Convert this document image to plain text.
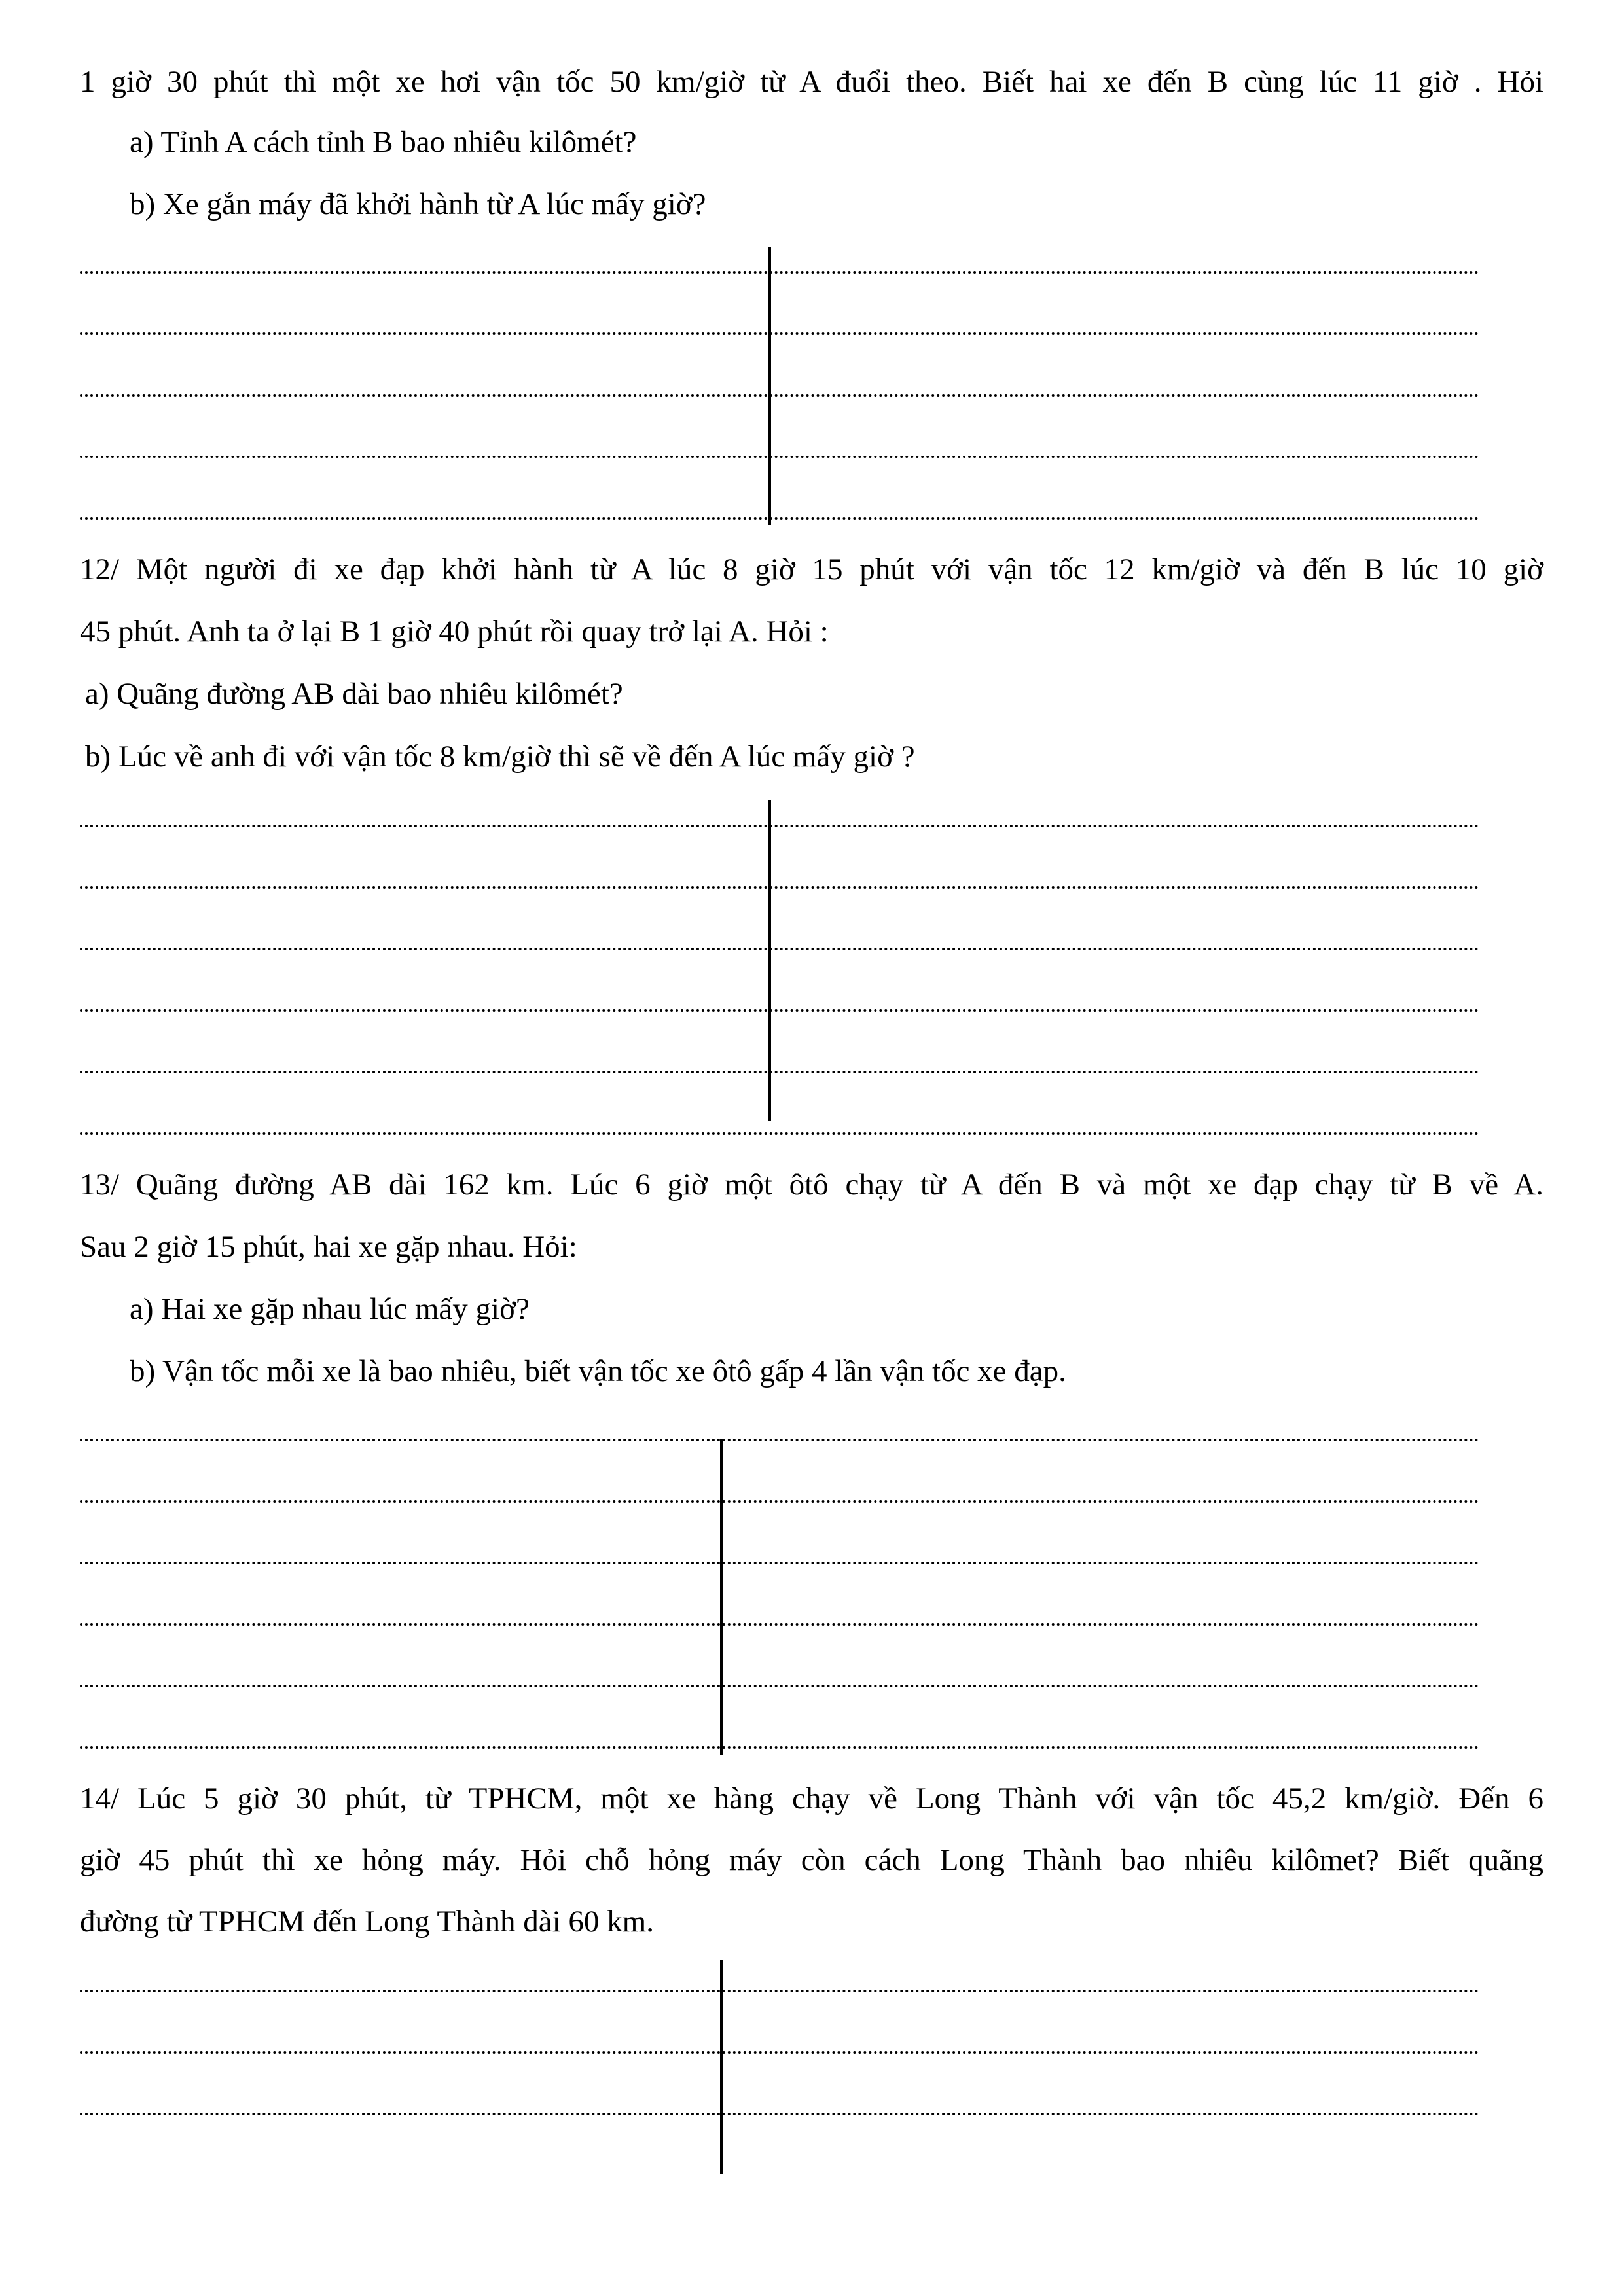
1 giờ 30 phút thì một xe hơi vận tốc 50 km/giờ từ A đuổi theo. Biết hai xe đến B cùng lúc 11 giờ . Hỏi
a) Tỉnh A cách tỉnh B bao nhiêu kilômét?
b) Xe gắn máy đã khởi hành từ A lúc mấy giờ?
12/ Một người đi xe đạp khởi hành từ A lúc 8 giờ 15 phút với vận tốc 12 km/giờ và đến B lúc 10 giờ
45 phút. Anh ta ở lại B 1 giờ 40 phút rồi quay trở lại A. Hỏi :
a) Quãng đường AB dài bao nhiêu kilômét?
b) Lúc về anh đi với vận tốc 8 km/giờ thì sẽ về đến A lúc mấy giờ ?
13/ Quãng đường AB dài 162 km. Lúc 6 giờ một ôtô chạy từ A đến B và một xe đạp chạy từ B về A.
Sau 2 giờ 15 phút, hai xe gặp nhau. Hỏi:
a) Hai xe gặp nhau lúc mấy giờ?
b) Vận tốc mỗi xe là bao nhiêu, biết vận tốc xe ôtô gấp 4 lần vận tốc xe đạp.
14/ Lúc 5 giờ 30 phút, từ TPHCM, một xe hàng chạy về Long Thành với vận tốc 45,2 km/giờ. Đến 6
giờ 45 phút thì xe hỏng máy. Hỏi chỗ hỏng máy còn cách Long Thành bao nhiêu kilômet? Biết quãng
đường từ TPHCM đến Long Thành dài 60 km.
